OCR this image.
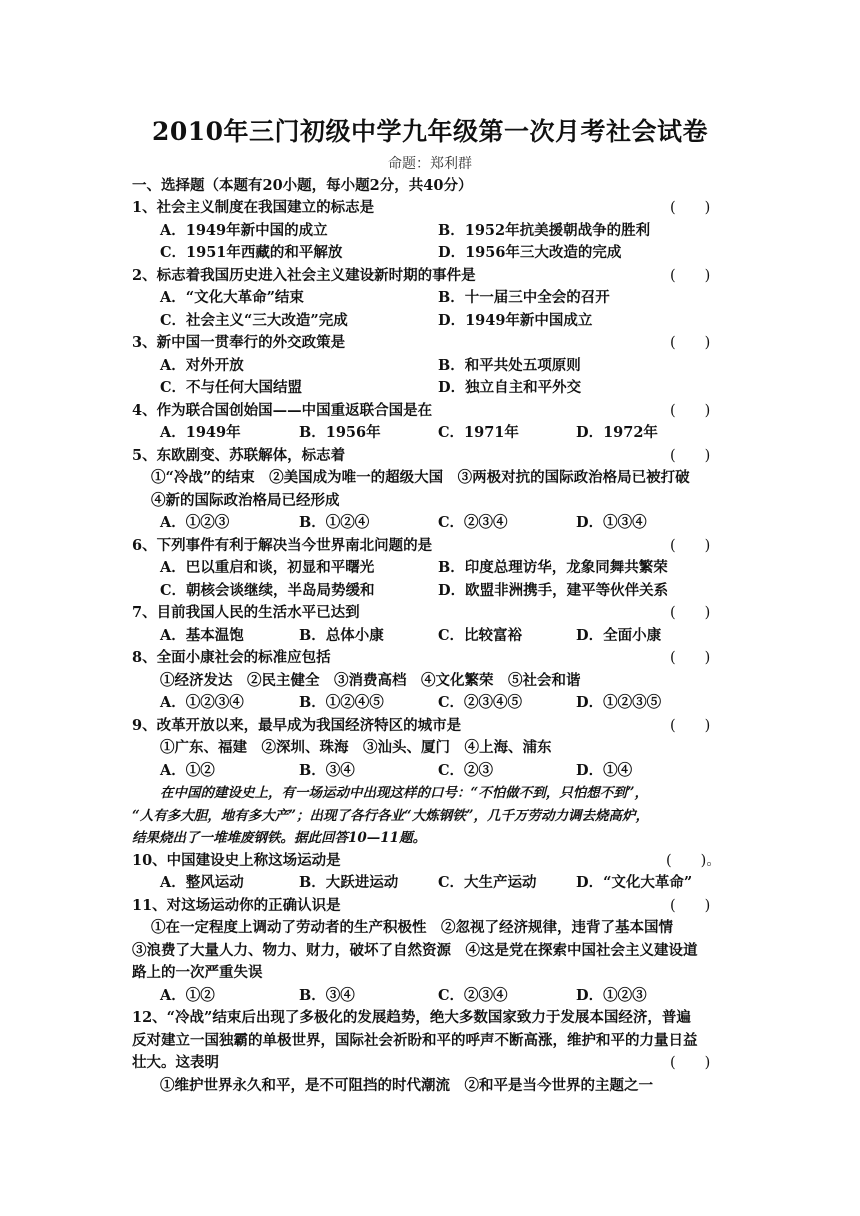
2010年三门初级中学九年级第一次月考社会试卷
命题：郑利群
一、选择题（本题有20小题，每小题2分，共40分）
1、社会主义制度在我国建立的标志是	(　　)
A．1949年新中国的成立	B．1952年抗美援朝战争的胜利
C．1951年西藏的和平解放	D．1956年三大改造的完成
2、标志着我国历史进入社会主义建设新时期的事件是	(　　)
A．“文化大革命”结束	B．十一届三中全会的召开
C．社会主义“三大改造”完成	D．1949年新中国成立
3、新中国一贯奉行的外交政策是	(　　)
A．对外开放	B．和平共处五项原则
C．不与任何大国结盟	D．独立自主和平外交
4、作为联合国创始国——中国重返联合国是在	(　　)
A．1949年	B．1956年	C．1971年	D．1972年
5、东欧剧变、苏联解体，标志着	(　　)
①“冷战”的结束　②美国成为唯一的超级大国　③两极对抗的国际政治格局已被打破
④新的国际政治格局已经形成
A．①②③	B．①②④	C．②③④	D．①③④
6、下列事件有利于解决当今世界南北问题的是	(　　)
A．巴以重启和谈，初显和平曙光	B．印度总理访华，龙象同舞共繁荣
C．朝核会谈继续，半岛局势缓和	D．欧盟非洲携手，建平等伙伴关系
7、目前我国人民的生活水平已达到	(　　)
A．基本温饱	B．总体小康	C．比较富裕	D．全面小康
8、全面小康社会的标准应包括	(　　)
①经济发达　②民主健全　③消费高档　④文化繁荣　⑤社会和谐
A．①②③④	B．①②④⑤	C．②③④⑤	D．①②③⑤
9、改革开放以来，最早成为我国经济特区的城市是	(　　)
①广东、福建　②深圳、珠海　③汕头、厦门　④上海、浦东
A．①②	B．③④	C．②③	D．①④
在中国的建设史上，有一场运动中出现这样的口号：“不怕做不到，只怕想不到”，
“人有多大胆，地有多大产”；出现了各行各业“大炼钢铁”，几千万劳动力调去烧高炉，
结果烧出了一堆堆废钢铁。据此回答10—11题。
10、中国建设史上称这场运动是	(　　)。
A．整风运动	B．大跃进运动	C．大生产运动	D．“文化大革命”
11、对这场运动你的正确认识是	(　　)
①在一定程度上调动了劳动者的生产积极性　②忽视了经济规律，违背了基本国情
③浪费了大量人力、物力、财力，破坏了自然资源　④这是党在探索中国社会主义建设道
路上的一次严重失误
A．①②	B．③④	C．②③④	D．①②③
12、“冷战”结束后出现了多极化的发展趋势，绝大多数国家致力于发展本国经济，普遍
反对建立一国独霸的单极世界，国际社会祈盼和平的呼声不断高涨，维护和平的力量日益
壮大。这表明	(　　)
①维护世界永久和平，是不可阻挡的时代潮流　②和平是当今世界的主题之一
